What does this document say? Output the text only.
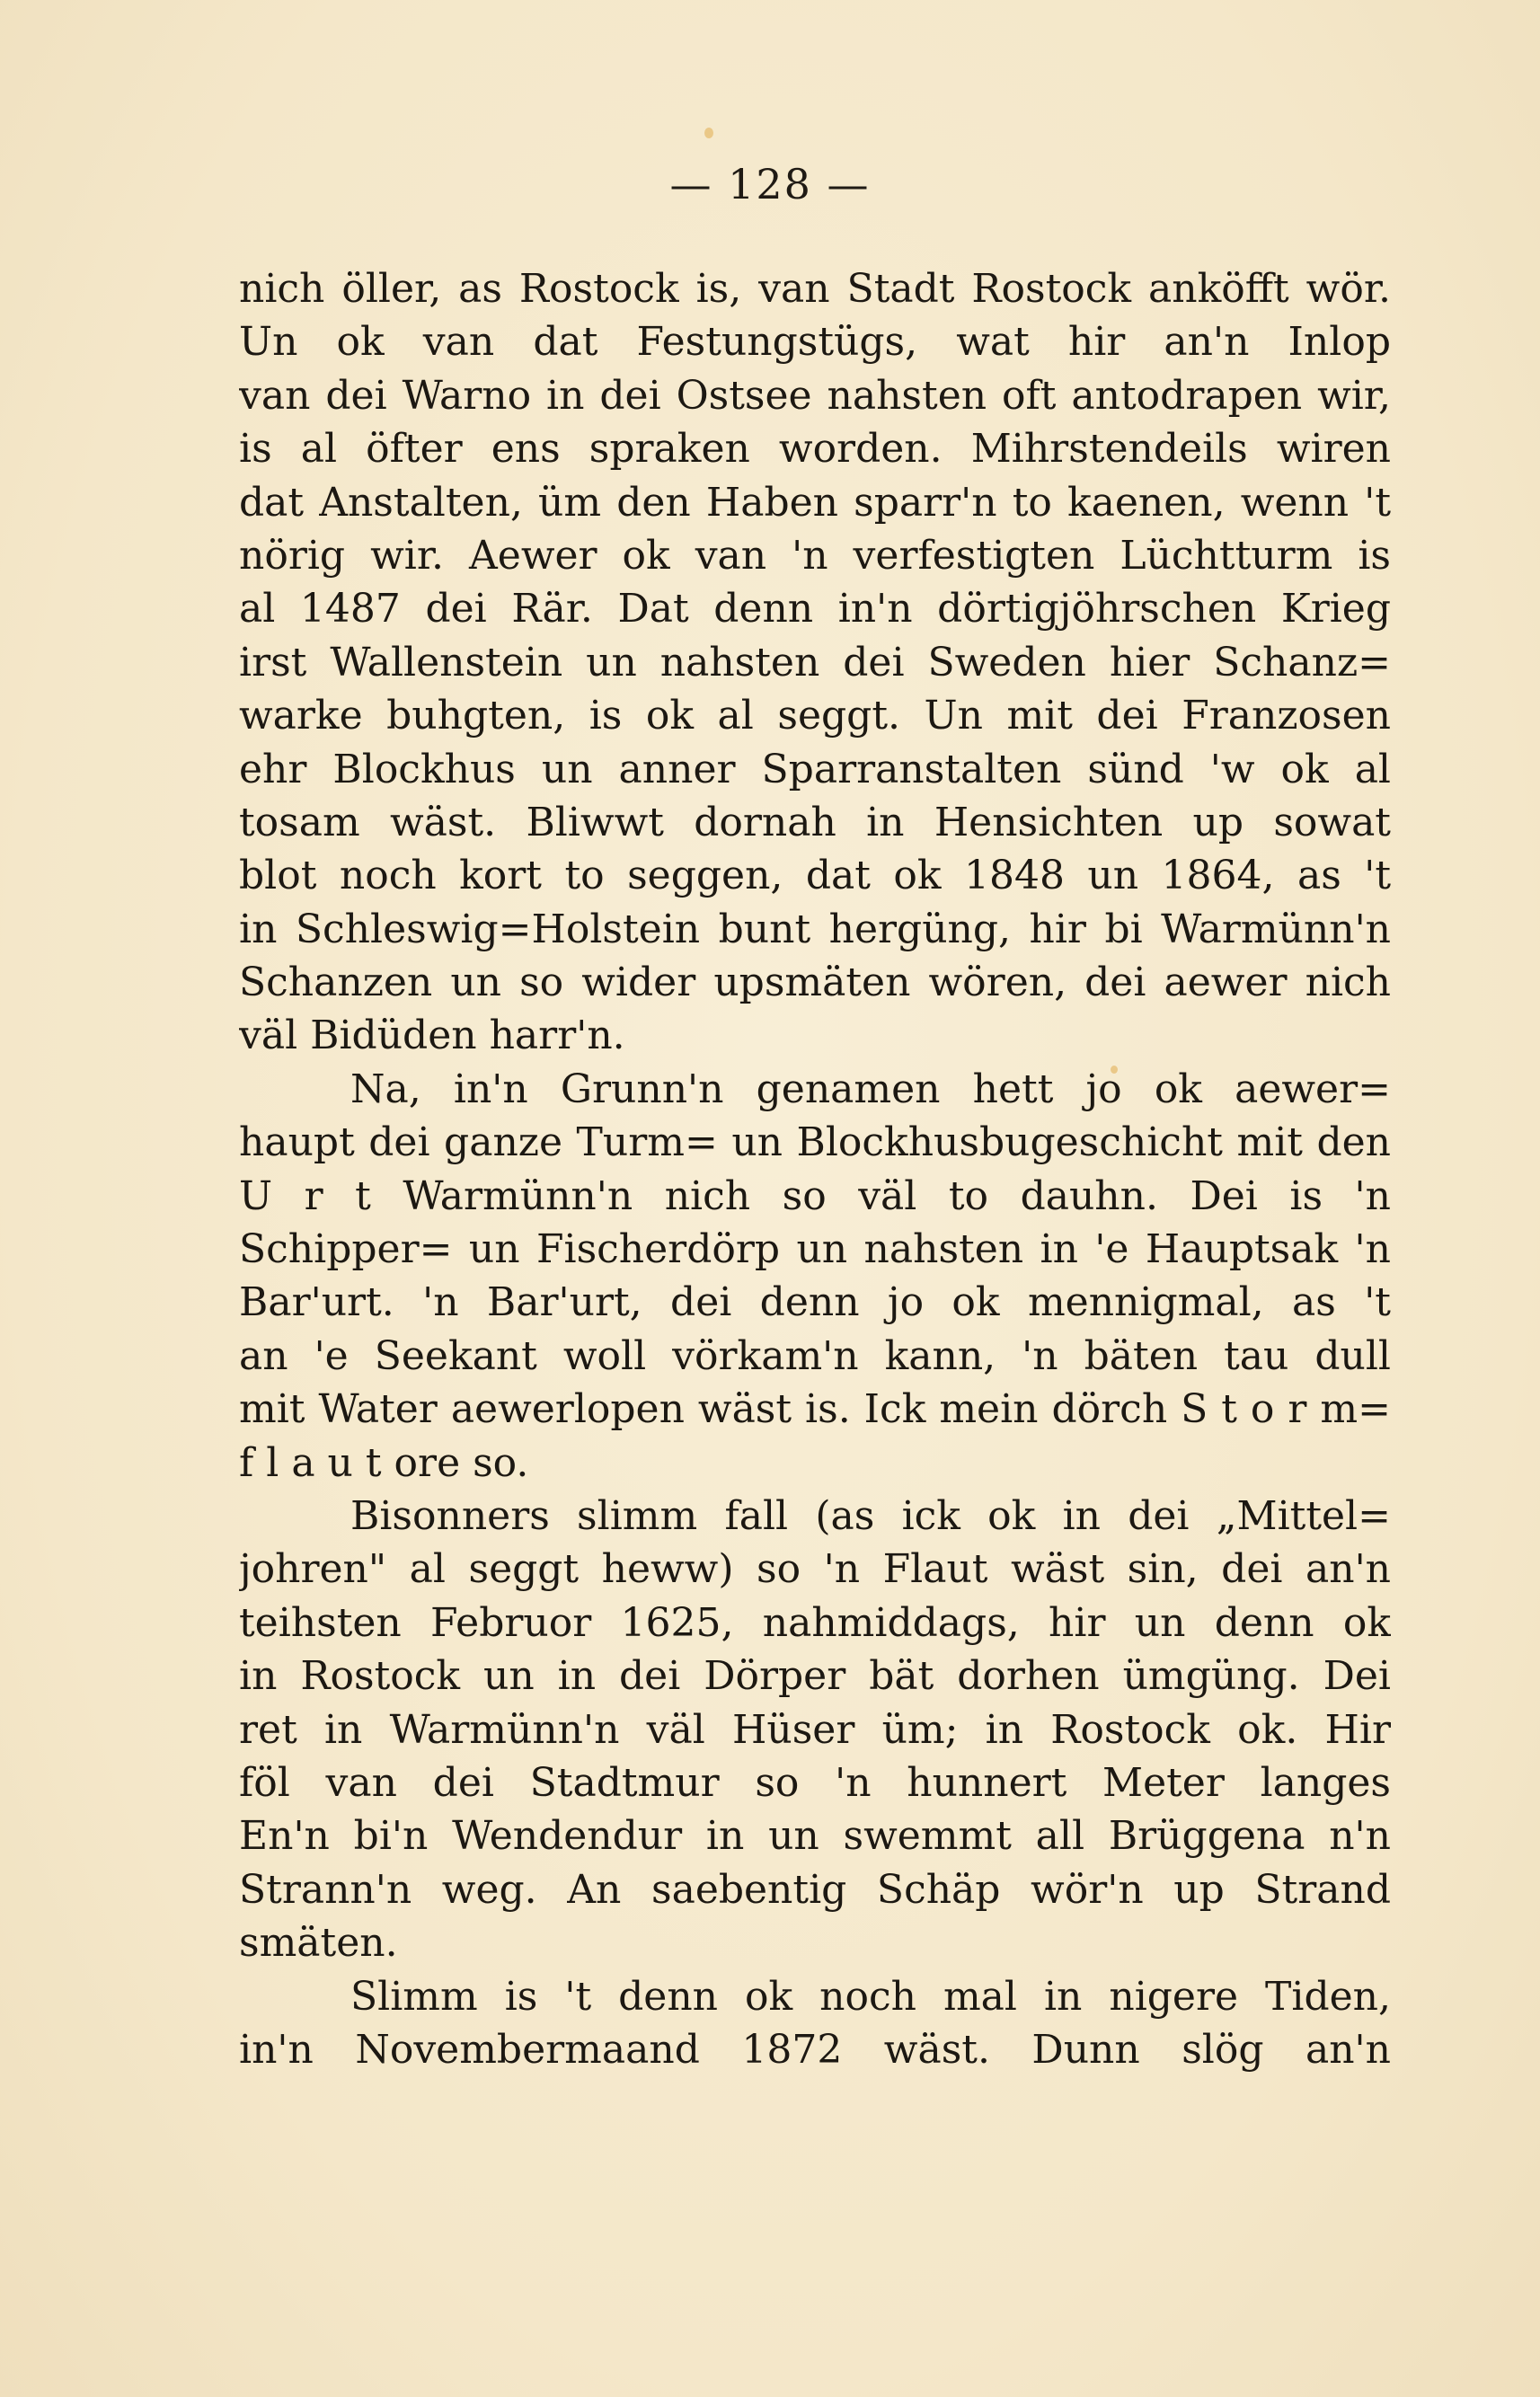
— 128 —
nich öller, as Rostock is, van Stadt Rostock anköfft wör.
Un ok van dat Festungstügs, wat hir an'n Inlop
van dei Warno in dei Ostsee nahsten oft antodrapen wir,
is al öfter ens spraken worden. Mihrstendeils wiren
dat Anstalten, üm den Haben sparr'n to kaenen, wenn 't
nörig wir. Aewer ok van 'n verfestigten Lüchtturm is
al 1487 dei Rär. Dat denn in'n dörtigjöhrschen Krieg
irst Wallenstein un nahsten dei Sweden hier Schanz=
warke buhgten, is ok al seggt. Un mit dei Franzosen
ehr Blockhus un anner Sparranstalten sünd 'w ok al
tosam wäst. Bliwwt dornah in Hensichten up sowat
blot noch kort to seggen, dat ok 1848 un 1864, as 't
in Schleswig=Holstein bunt hergüng, hir bi Warmünn'n
Schanzen un so wider upsmäten wören, dei aewer nich
väl Bidüden harr'n.
Na, in'n Grunn'n genamen hett jo ok aewer=
haupt dei ganze Turm= un Blockhusbugeschicht mit den
U r t Warmünn'n nich so väl to dauhn. Dei is 'n
Schipper= un Fischerdörp un nahsten in 'e Hauptsak 'n
Bar'urt. 'n Bar'urt, dei denn jo ok mennigmal, as 't
an 'e Seekant woll vörkam'n kann, 'n bäten tau dull
mit Water aewerlopen wäst is. Ick mein dörch S t o r m=
f l a u t ore so.
Bisonners slimm fall (as ick ok in dei „Mittel=
johren" al seggt heww) so 'n Flaut wäst sin, dei an'n
teihsten Februor 1625, nahmiddags, hir un denn ok
in Rostock un in dei Dörper bät dorhen ümgüng. Dei
ret in Warmünn'n väl Hüser üm; in Rostock ok. Hir
föl van dei Stadtmur so 'n hunnert Meter langes
En'n bi'n Wendendur in un swemmt all Brüggena n'n
Strann'n weg. An saebentig Schäp wör'n up Strand
smäten.
Slimm is 't denn ok noch mal in nigere Tiden,
in'n Novembermaand 1872 wäst. Dunn slög an'n
